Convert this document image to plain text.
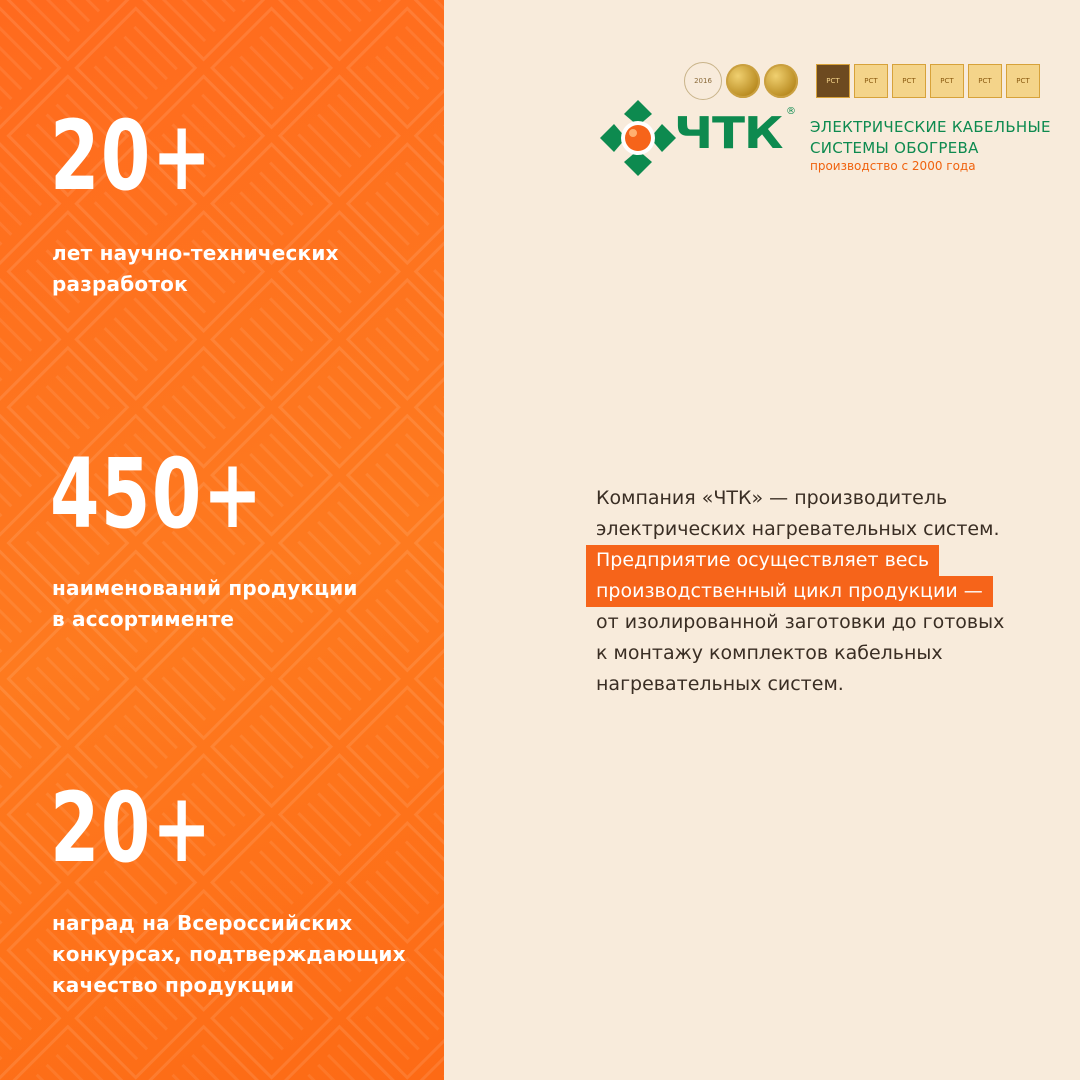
20+
лет научно-технических
разработок
450+
наименований продукции
в ассортименте
20+
наград на Всероссийских
конкурсах, подтверждающих
качество продукции
2016	РСТ	РСТ	РСТ	РСТ	РСТ	РСТ
ЧТК ®
ЭЛЕКТРИЧЕСКИЕ КАБЕЛЬНЫЕ
СИСТЕМЫ ОБОГРЕВА
производство с 2000 года
Компания «ЧТК» — производитель
электрических нагревательных систем.
Предприятие осуществляет весь
производственный цикл продукции —
от изолированной заготовки до готовых
к монтажу комплектов кабельных
нагревательных систем.
